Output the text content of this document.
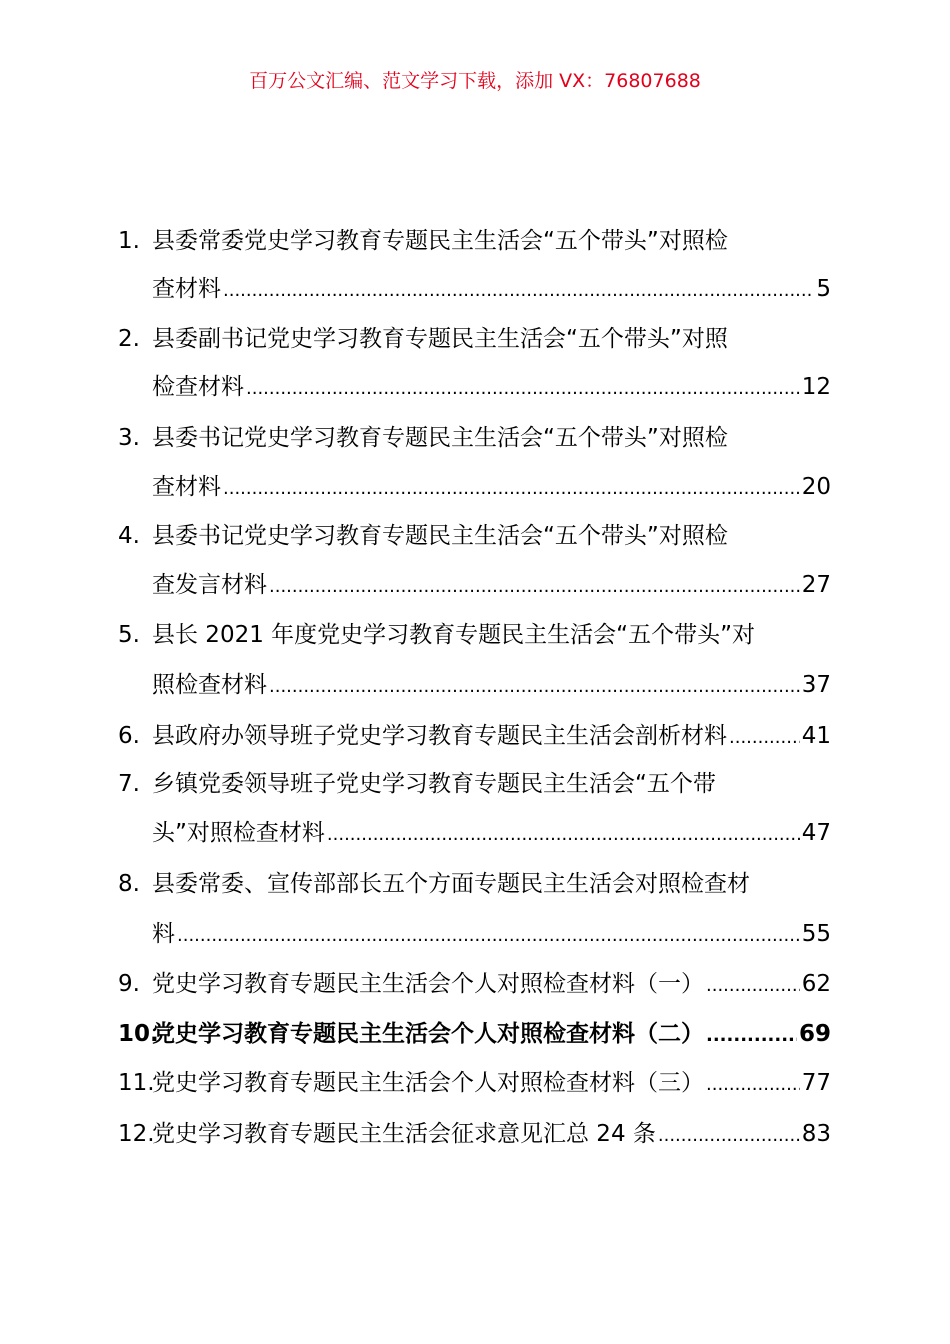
百万公文汇编、范文学习下载，添加 VX：76807688
1. 县委常委党史学习教育专题民主生活会“五个带头”对照检
查材料 .....	5
2. 县委副书记党史学习教育专题民主生活会“五个带头”对照
检查材料 .....	12
3. 县委书记党史学习教育专题民主生活会“五个带头”对照检
查材料 .....	20
4. 县委书记党史学习教育专题民主生活会“五个带头”对照检
查发言材料 .....	27
5. 县长 2021 年度党史学习教育专题民主生活会“五个带头”对
照检查材料 .....	37
6. 县政府办领导班子党史学习教育专题民主生活会剖析材料 .....	41
7. 乡镇党委领导班子党史学习教育专题民主生活会“五个带
头”对照检查材料 .....	47
8. 县委常委、宣传部部长五个方面专题民主生活会对照检查材
料 .....	55
9. 党史学习教育专题民主生活会个人对照检查材料（一） .....	62
10.
党史学习教育专题民主生活会个人对照检查材料（二） .....	69
11.
党史学习教育专题民主生活会个人对照检查材料（三） .....	77
12.
党史学习教育专题民主生活会征求意见汇总 24 条 .....	83
